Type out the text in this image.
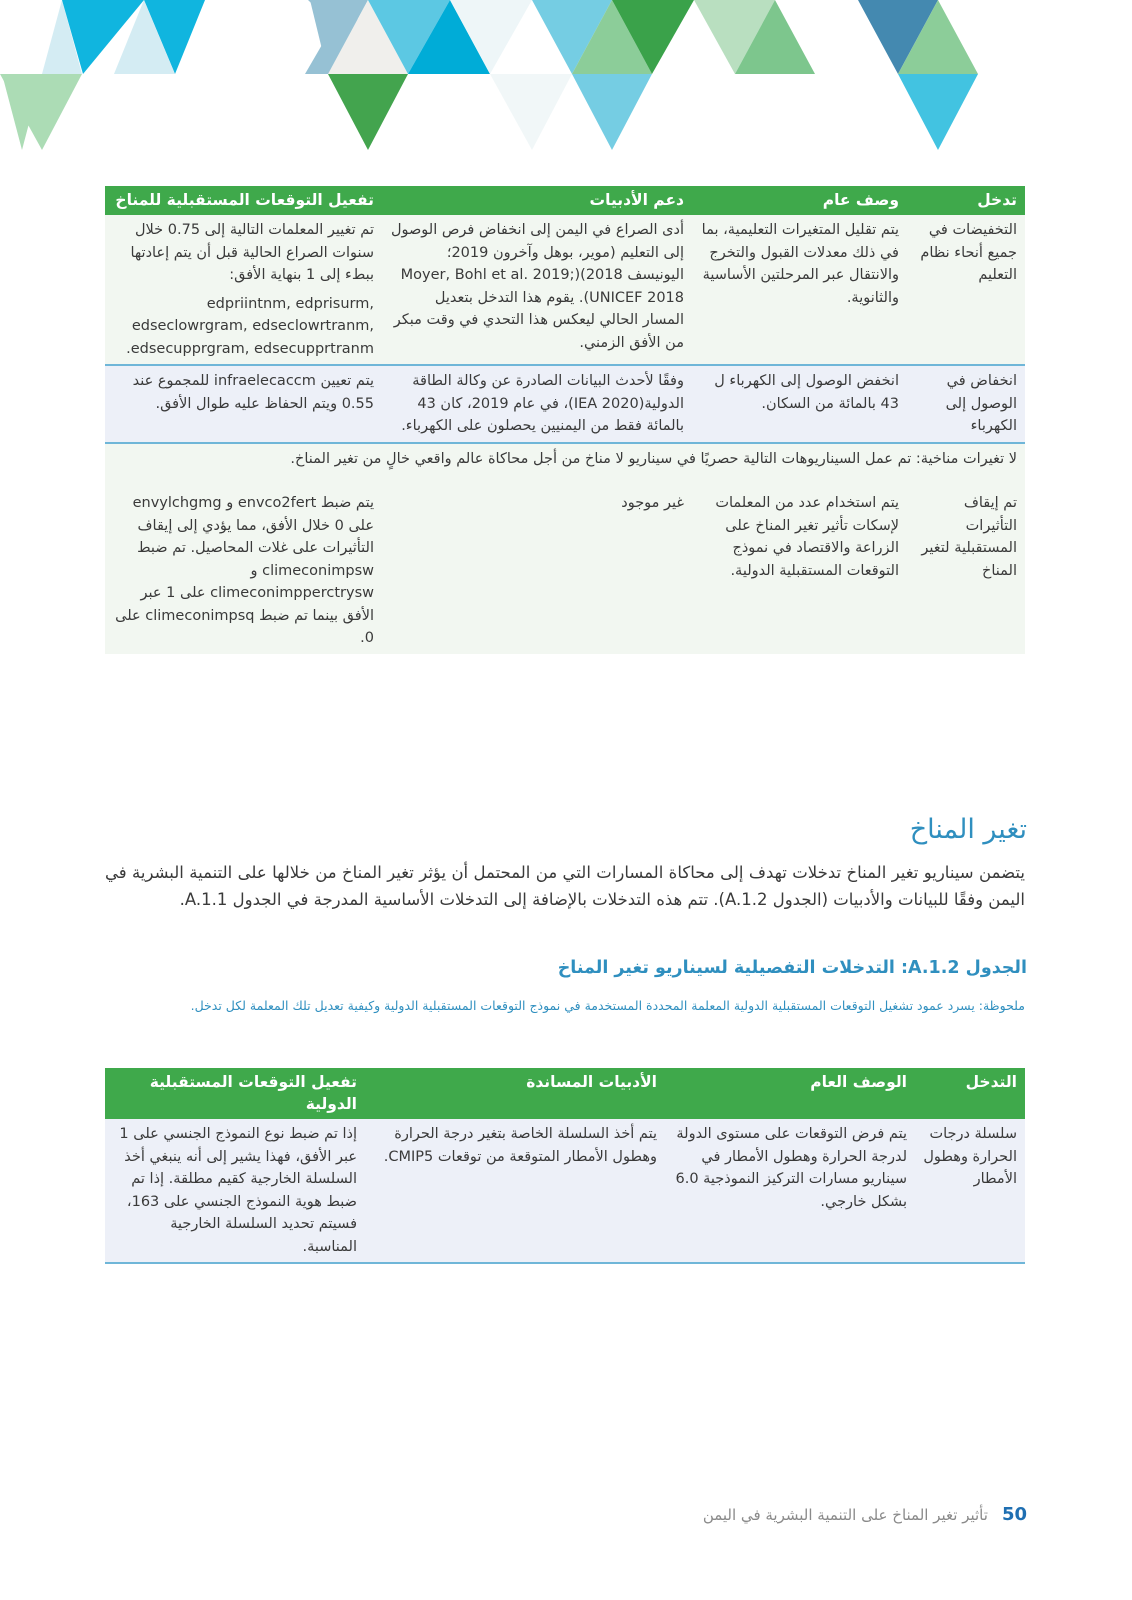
تدخل	وصف عام	دعم الأدبيات	تفعيل التوقعات المستقبلية للمناخ
التخفيضات في جميع أنحاء نظام التعليم	يتم تقليل المتغيرات التعليمية، بما في ذلك معدلات القبول والتخرج والانتقال عبر المرحلتين الأساسية والثانوية.	أدى الصراع في اليمن إلى انخفاض فرص الوصول إلى التعليم (موير، بوهل وآخرون 2019؛ اليونيسف 2018)(Moyer, Bohl et al. 2019; UNICEF 2018). يقوم هذا التدخل بتعديل المسار الحالي ليعكس هذا التحدي في وقت مبكر من الأفق الزمني.	تم تغيير المعلمات التالية إلى 0.75 خلال سنوات الصراع الحالية قبل أن يتم إعادتها ببطء إلى 1 بنهاية الأفق:
edpriintnm, edprisurm, edseclowrgram, edseclowrtranm, edsecupprgram, edsecupprtranm.

انخفاض في الوصول إلى الكهرباء	انخفض الوصول إلى الكهرباء ل 43 بالمائة من السكان.	وفقًا لأحدث البيانات الصادرة عن وكالة الطاقة الدولية(IEA 2020)، في عام 2019، كان 43 بالمائة فقط من اليمنيين يحصلون على الكهرباء.	يتم تعيين infraelecaccm للمجموع عند 0.55 ويتم الحفاظ عليه طوال الأفق.
لا تغيرات مناخية: تم عمل السيناريوهات التالية حصريًا في سيناريو لا مناخ من أجل محاكاة عالم واقعي خالٍ من تغير المناخ.			
تم إيقاف التأثيرات المستقبلية لتغير المناخ	يتم استخدام عدد من المعلمات لإسكات تأثير تغير المناخ على الزراعة والاقتصاد في نموذج التوقعات المستقبلية الدولية.	غير موجود	يتم ضبط envco2fert و envylchgmg على 0 خلال الأفق، مما يؤدي إلى إيقاف التأثيرات على غلات المحاصيل. تم ضبط climeconimpsw و climeconimpperctrysw على 1 عبر الأفق بينما تم ضبط climeconimpsq على 0.
تغير المناخ

يتضمن سيناريو تغير المناخ تدخلات تهدف إلى محاكاة المسارات التي من المحتمل أن يؤثر تغير المناخ من خلالها على التنمية البشرية في اليمن وفقًا للبيانات والأدبيات (الجدول A.1.2). تتم هذه التدخلات بالإضافة إلى التدخلات الأساسية المدرجة في الجدول A.1.1.

الجدول A.1.2: التدخلات التفصيلية لسيناريو تغير المناخ

ملحوظة: يسرد عمود تشغيل التوقعات المستقبلية الدولية المعلمة المحددة المستخدمة في نموذج التوقعات المستقبلية الدولية وكيفية تعديل تلك المعلمة لكل تدخل.

التدخل	الوصف العام	الأدبيات المساندة	تفعيل التوقعات المستقبلية الدولية
سلسلة درجات الحرارة وهطول الأمطار	يتم فرض التوقعات على مستوى الدولة لدرجة الحرارة وهطول الأمطار في سيناريو مسارات التركيز النموذجية 6.0 بشكل خارجي.	يتم أخذ السلسلة الخاصة بتغير درجة الحرارة وهطول الأمطار المتوقعة من توقعات CMIP5.	إذا تم ضبط نوع النموذج الجنسي على 1 عبر الأفق، فهذا يشير إلى أنه ينبغي أخذ السلسلة الخارجية كقيم مطلقة. إذا تم ضبط هوية النموذج الجنسي على 163، فسيتم تحديد السلسلة الخارجية المناسبة.
50
تأثير تغير المناخ على التنمية البشرية في اليمن
